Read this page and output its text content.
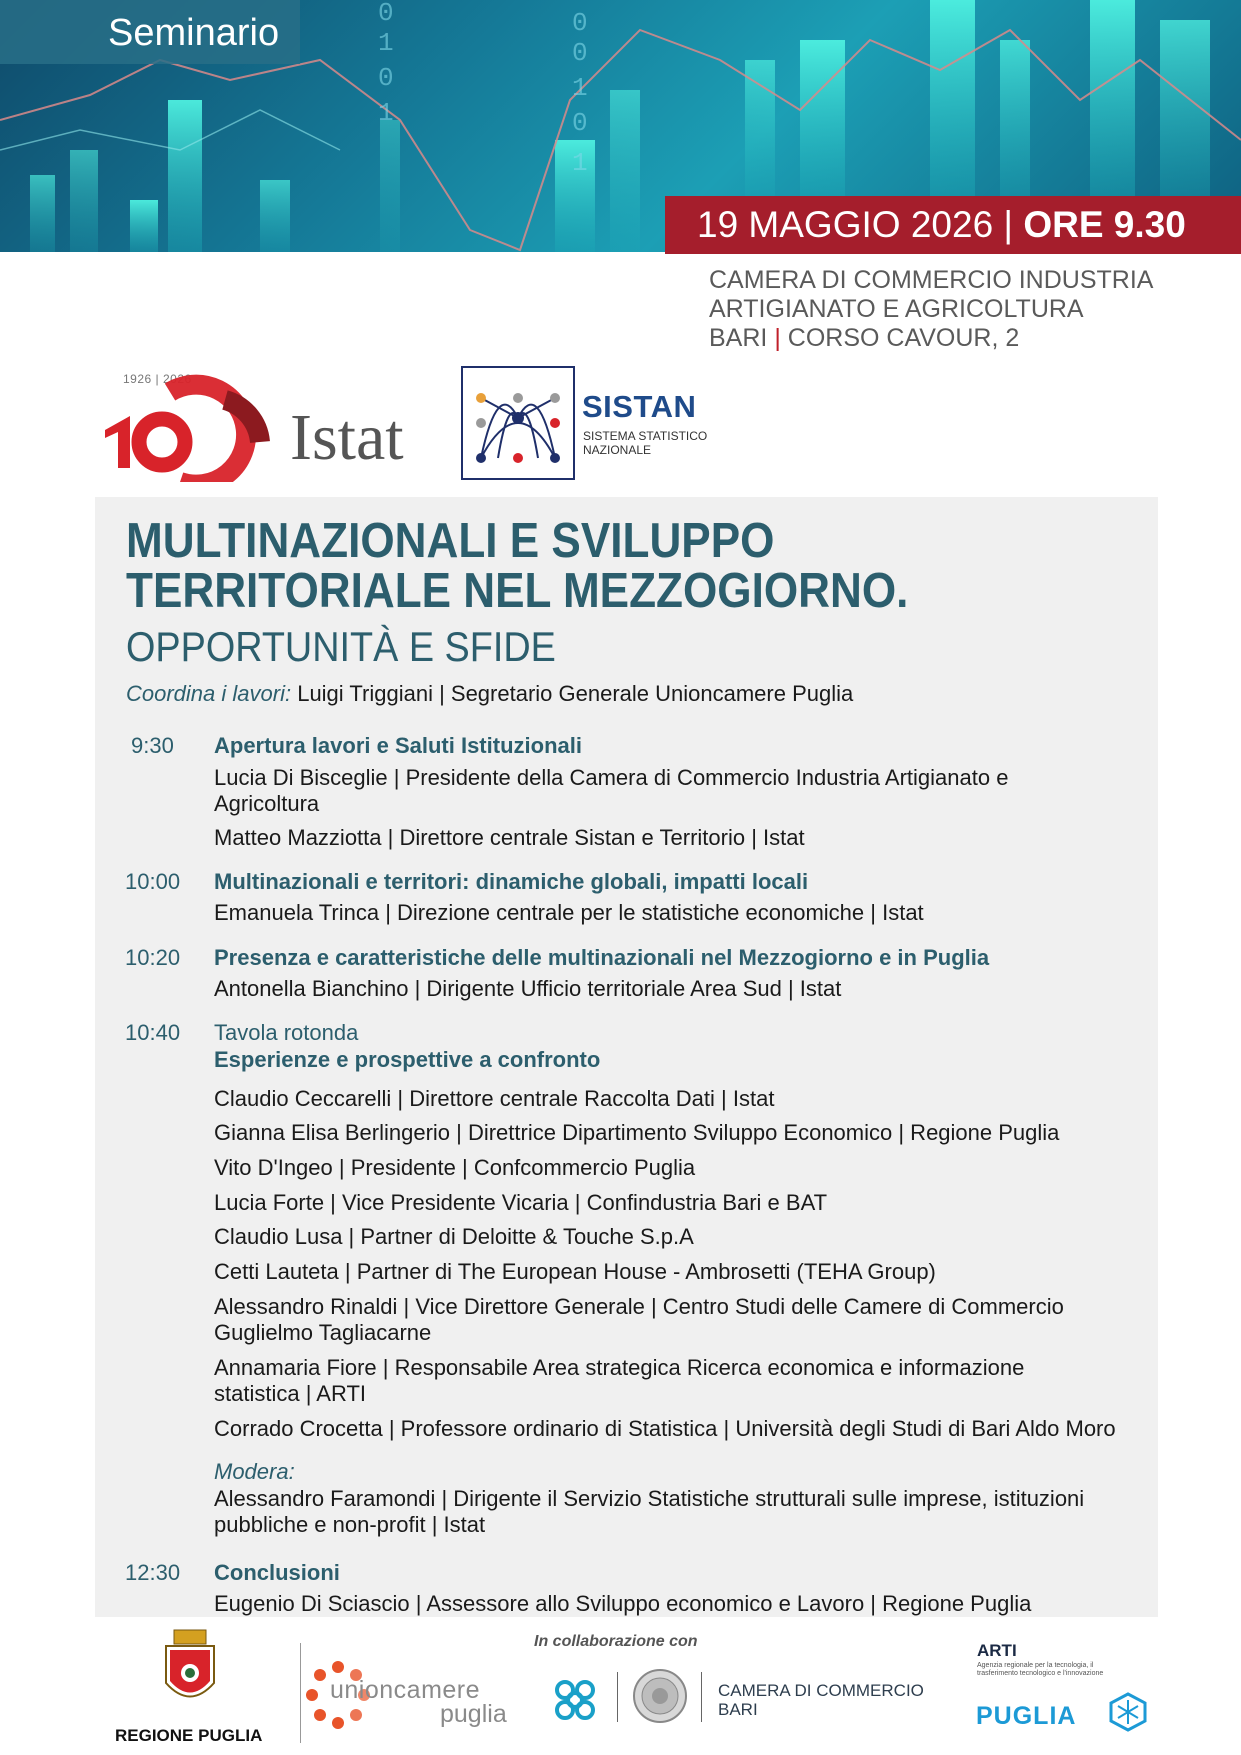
0
1
0
1
0
0
1
0
1
Seminario
19 MAGGIO 2026 | ORE 9.30
CAMERA DI COMMERCIO INDUSTRIA
ARTIGIANATO E AGRICOLTURA
BARI | CORSO CAVOUR, 2
1926 | 2026
Istat	SISTAN
SISTEMA STATISTICO
NAZIONALE
MULTINAZIONALI E SVILUPPO
TERRITORIALE NEL MEZZOGIORNO.
OPPORTUNITÀ E SFIDE
Coordina i lavori: Luigi Triggiani | Segretario Generale Unioncamere Puglia
9:30 Apertura lavori e Saluti Istituzionali
Lucia Di Bisceglie | Presidente della Camera di Commercio Industria Artigianato e Agricoltura
Matteo Mazziotta | Direttore centrale Sistan e Territorio | Istat
10:00 Multinazionali e territori: dinamiche globali, impatti locali
Emanuela Trinca | Direzione centrale per le statistiche economiche | Istat
10:20 Presenza e caratteristiche delle multinazionali nel Mezzogiorno e in Puglia
Antonella Bianchino | Dirigente Ufficio territoriale Area Sud | Istat
10:40 Tavola rotonda
Esperienze e prospettive a confronto
Claudio Ceccarelli | Direttore centrale Raccolta Dati | Istat
Gianna Elisa Berlingerio | Direttrice Dipartimento Sviluppo Economico | Regione Puglia
Vito D'Ingeo | Presidente | Confcommercio Puglia
Lucia Forte | Vice Presidente Vicaria | Confindustria Bari e BAT
Claudio Lusa | Partner di Deloitte & Touche S.p.A
Cetti Lauteta | Partner di The European House - Ambrosetti (TEHA Group)
Alessandro Rinaldi | Vice Direttore Generale | Centro Studi delle Camere di Commercio Guglielmo Tagliacarne
Annamaria Fiore | Responsabile Area strategica Ricerca economica e informazione statistica | ARTI
Corrado Crocetta | Professore ordinario di Statistica | Università degli Studi di Bari Aldo Moro
Modera:
Alessandro Faramondi | Dirigente il Servizio Statistiche strutturali sulle imprese, istituzioni pubbliche e non-profit | Istat
12:30 Conclusioni
Eugenio Di Sciascio | Assessore allo Sviluppo economico e Lavoro | Regione Puglia
In collaborazione con
REGIONE PUGLIA
unioncamere
puglia
CAMERA DI COMMERCIO
BARI
ARTI
Agenzia regionale per la tecnologia, il trasferimento tecnologico e l'innovazione
PUGLIA
